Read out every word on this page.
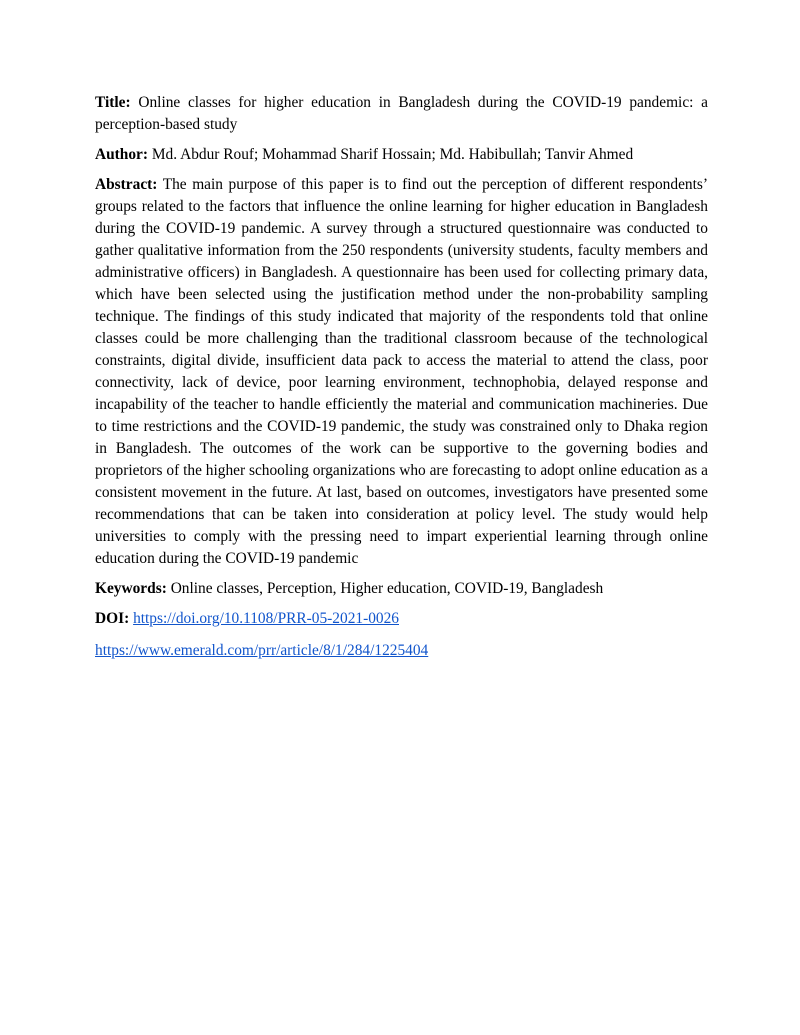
Title: Online classes for higher education in Bangladesh during the COVID-19 pandemic: a perception-based study

Author: Md. Abdur Rouf; Mohammad Sharif Hossain; Md. Habibullah; Tanvir Ahmed

Abstract: The main purpose of this paper is to find out the perception of different respondents’ groups related to the factors that influence the online learning for higher education in Bangladesh during the COVID-19 pandemic. A survey through a structured questionnaire was conducted to gather qualitative information from the 250 respondents (university students, faculty members and administrative officers) in Bangladesh. A questionnaire has been used for collecting primary data, which have been selected using the justification method under the non-probability sampling technique. The findings of this study indicated that majority of the respondents told that online classes could be more challenging than the traditional classroom because of the technological constraints, digital divide, insufficient data pack to access the material to attend the class, poor connectivity, lack of device, poor learning environment, technophobia, delayed response and incapability of the teacher to handle efficiently the material and communication machineries. Due to time restrictions and the COVID-19 pandemic, the study was constrained only to Dhaka region in Bangladesh. The outcomes of the work can be supportive to the governing bodies and proprietors of the higher schooling organizations who are forecasting to adopt online education as a consistent movement in the future. At last, based on outcomes, investigators have presented some recommendations that can be taken into consideration at policy level. The study would help universities to comply with the pressing need to impart experiential learning through online education during the COVID-19 pandemic

Keywords: Online classes, Perception, Higher education, COVID-19, Bangladesh

DOI: https://doi.org/10.1108/PRR-05-2021-0026

https://www.emerald.com/prr/article/8/1/284/1225404
